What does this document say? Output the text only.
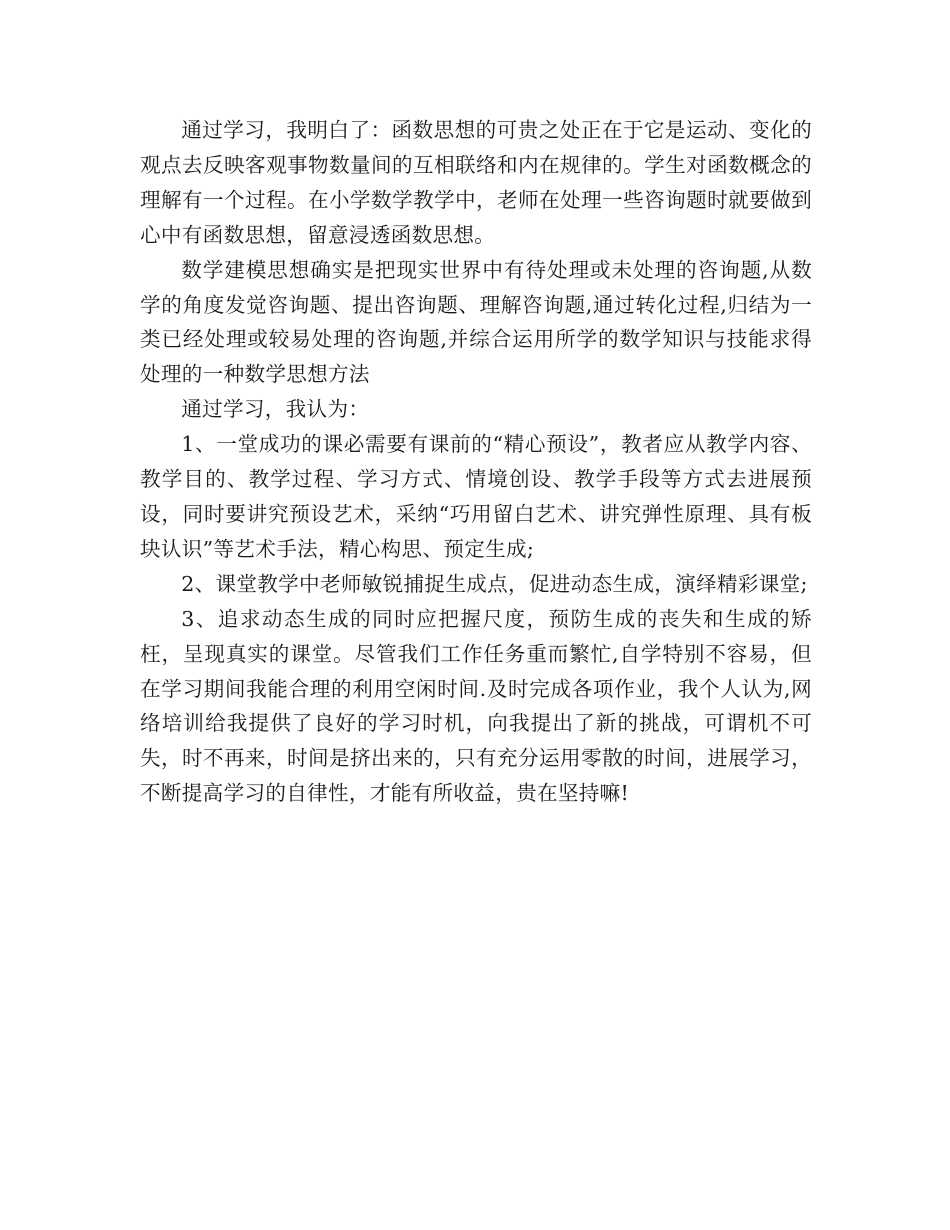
通过学习，我明白了：函数思想的可贵之处正在于它是运动、变化的观点去反映客观事物数量间的互相联络和内在规律的。学生对函数概念的理解有一个过程。在小学数学教学中，老师在处理一些咨询题时就要做到心中有函数思想，留意浸透函数思想。

数学建模思想确实是把现实世界中有待处理或未处理的咨询题,从数学的角度发觉咨询题、提出咨询题、理解咨询题,通过转化过程,归结为一类已经处理或较易处理的咨询题,并综合运用所学的数学知识与技能求得处理的一种数学思想方法

通过学习，我认为：

1、一堂成功的课必需要有课前的“精心预设”，教者应从教学内容、教学目的、教学过程、学习方式、情境创设、教学手段等方式去进展预设，同时要讲究预设艺术，采纳“巧用留白艺术、讲究弹性原理、具有板块认识”等艺术手法，精心构思、预定生成;

2、课堂教学中老师敏锐捕捉生成点，促进动态生成，演绎精彩课堂;

3、追求动态生成的同时应把握尺度，预防生成的丧失和生成的矫枉，呈现真实的课堂。尽管我们工作任务重而繁忙,自学特别不容易，但在学习期间我能合理的利用空闲时间.及时完成各项作业，我个人认为,网络培训给我提供了良好的学习时机，向我提出了新的挑战，可谓机不可失，时不再来，时间是挤出来的，只有充分运用零散的时间，进展学习，不断提高学习的自律性，才能有所收益，贵在坚持嘛!
